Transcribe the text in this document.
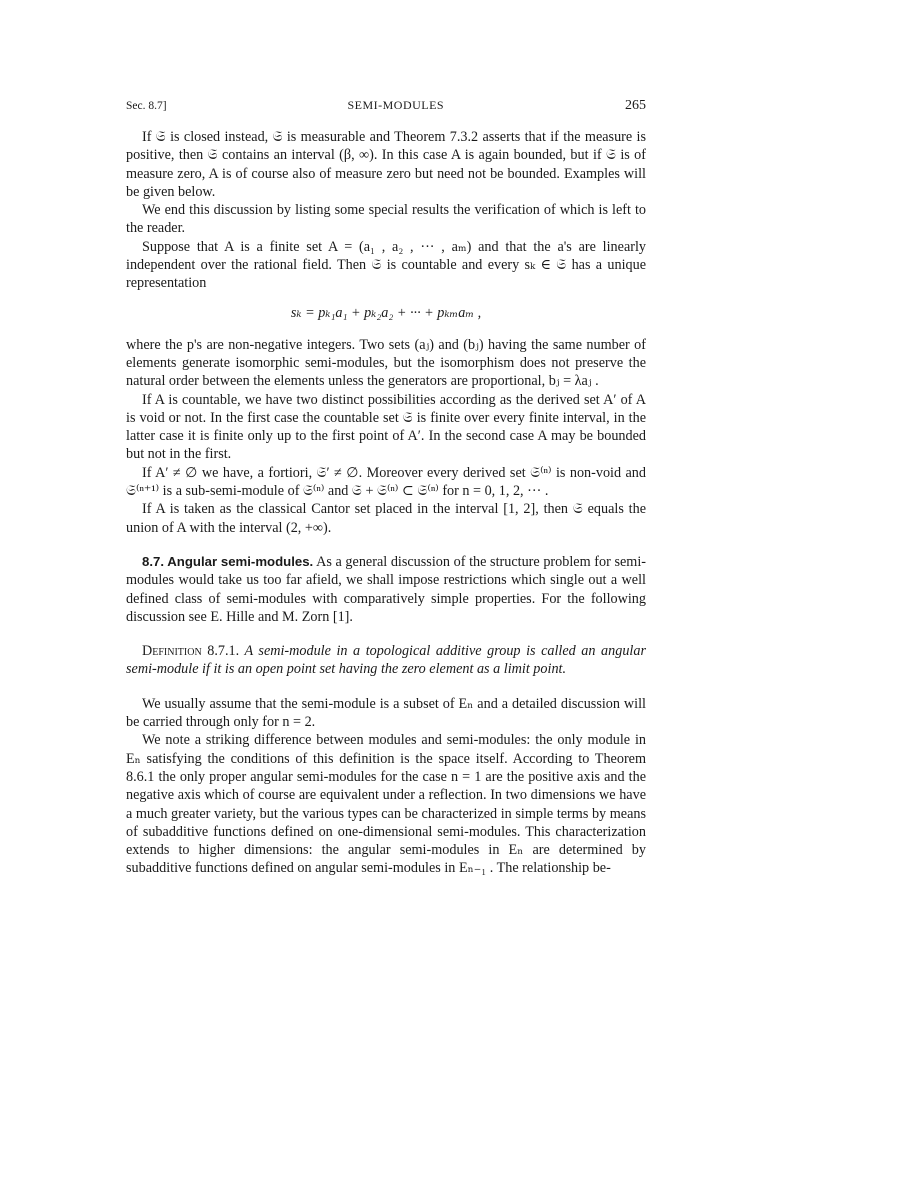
Sec. 8.7]	SEMI-MODULES	265

If 𝔖 is closed instead, 𝔖 is measurable and Theorem 7.3.2 asserts that if the measure is positive, then 𝔖 contains an interval (β, ∞). In this case A is again bounded, but if 𝔖 is of measure zero, A is of course also of measure zero but need not be bounded. Examples will be given below.

We end this discussion by listing some special results the verification of which is left to the reader.

Suppose that A is a finite set A = (a₁ , a₂ , ··· , aₘ) and that the a's are linearly independent over the rational field. Then 𝔖 is countable and every sₖ ∈ 𝔖 has a unique representation

sₖ = pₖ₁a₁ + pₖ₂a₂ + ··· + pₖₘaₘ ,

where the p's are non-negative integers. Two sets (aⱼ) and (bⱼ) having the same number of elements generate isomorphic semi-modules, but the isomorphism does not preserve the natural order between the elements unless the generators are proportional, bⱼ = λaⱼ .

If A is countable, we have two distinct possibilities according as the derived set A′ of A is void or not. In the first case the countable set 𝔖 is finite over every finite interval, in the latter case it is finite only up to the first point of A′. In the second case A may be bounded but not in the first.

If A′ ≠ ∅ we have, a fortiori, 𝔖′ ≠ ∅. Moreover every derived set 𝔖⁽ⁿ⁾ is non-void and 𝔖⁽ⁿ⁺¹⁾ is a sub-semi-module of 𝔖⁽ⁿ⁾ and 𝔖 + 𝔖⁽ⁿ⁾ ⊂ 𝔖⁽ⁿ⁾ for n = 0, 1, 2, ··· .

If A is taken as the classical Cantor set placed in the interval [1, 2], then 𝔖 equals the union of A with the interval (2, +∞).

8.7. Angular semi-modules. As a general discussion of the structure problem for semi-modules would take us too far afield, we shall impose restrictions which single out a well defined class of semi-modules with comparatively simple properties. For the following discussion see E. Hille and M. Zorn [1].

Definition 8.7.1. A semi-module in a topological additive group is called an angular semi-module if it is an open point set having the zero element as a limit point.

We usually assume that the semi-module is a subset of Eₙ and a detailed discussion will be carried through only for n = 2.

We note a striking difference between modules and semi-modules: the only module in Eₙ satisfying the conditions of this definition is the space itself. According to Theorem 8.6.1 the only proper angular semi-modules for the case n = 1 are the positive axis and the negative axis which of course are equivalent under a reflection. In two dimensions we have a much greater variety, but the various types can be characterized in simple terms by means of subadditive functions defined on one-dimensional semi-modules. This characterization extends to higher dimensions: the angular semi-modules in Eₙ are determined by subadditive functions defined on angular semi-modules in Eₙ₋₁ . The relationship be-
